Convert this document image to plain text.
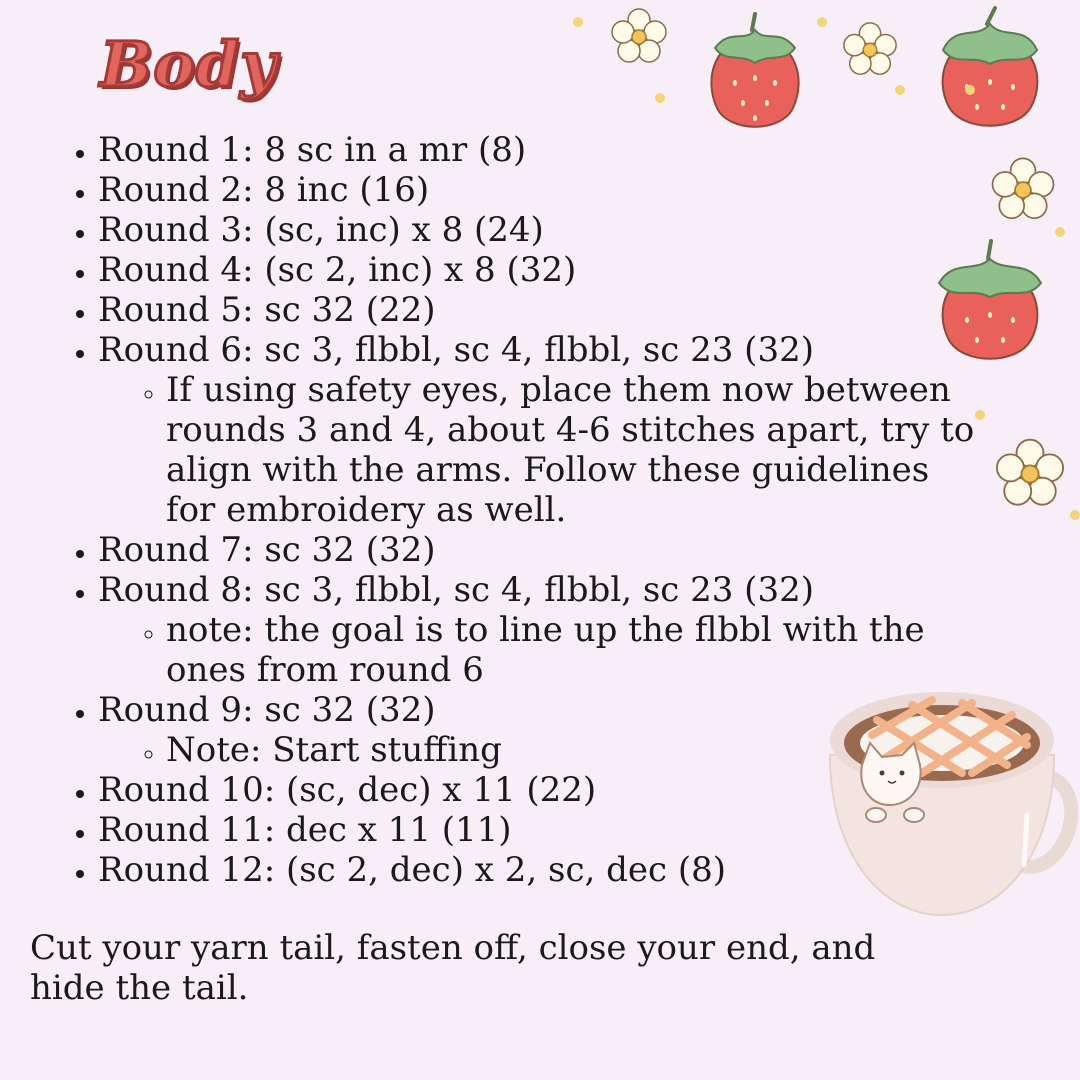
Body
• Round 1: 8 sc in a mr (8)
• Round 2: 8 inc (16)
• Round 3: (sc, inc) x 8 (24)
• Round 4: (sc 2, inc) x 8 (32)
• Round 5: sc 32 (22)
• Round 6: sc 3, flbbl, sc 4, flbbl, sc 23 (32)
◦ If using safety eyes, place them now between rounds 3 and 4, about 4-6 stitches apart, try to align with the arms. Follow these guidelines for embroidery as well.
• Round 7: sc 32 (32)
• Round 8: sc 3, flbbl, sc 4, flbbl, sc 23 (32)
◦ note: the goal is to line up the flbbl with the ones from round 6
• Round 9: sc 32 (32)
◦ Note: Start stuffing
• Round 10: (sc, dec) x 11 (22)
• Round 11: dec x 11 (11)
• Round 12: (sc 2, dec) x 2, sc, dec (8)

Cut your yarn tail, fasten off, close your end, and hide the tail.
